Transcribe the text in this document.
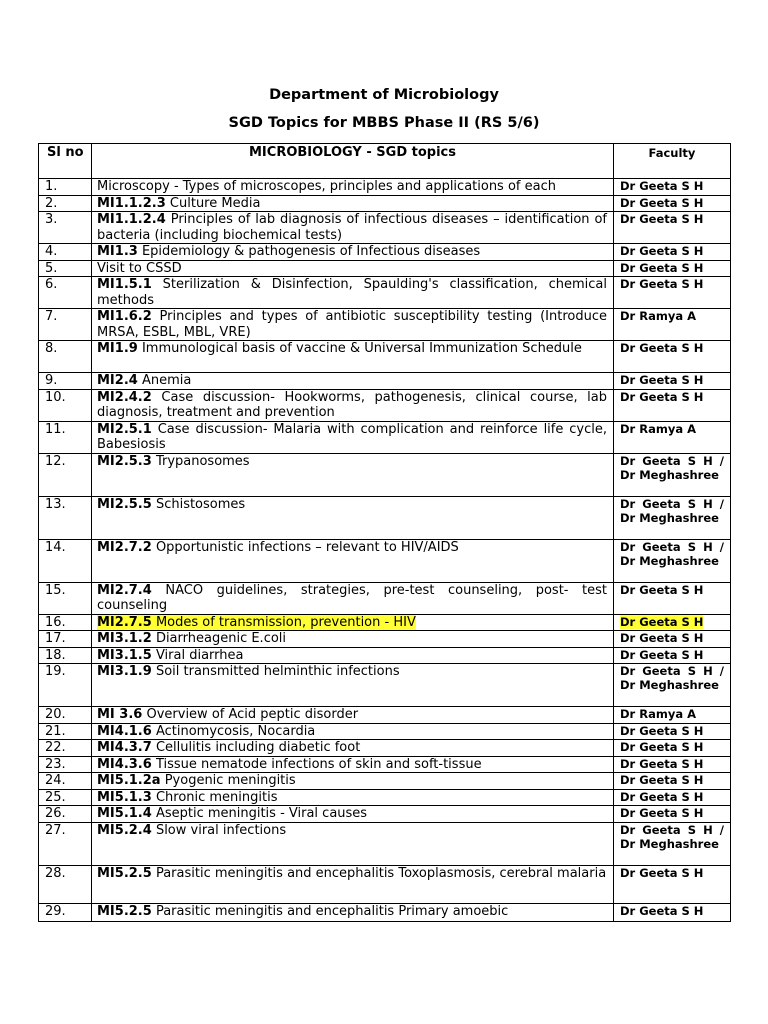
Department of Microbiology
SGD Topics for MBBS Phase II (RS 5/6)
Sl no	MICROBIOLOGY - SGD topics	Faculty
1.	Microscopy - Types of microscopes, principles and applications of each	Dr Geeta S H
2.	MI1.1.2.3 Culture Media	Dr Geeta S H
3.	MI1.1.2.4 Principles of lab diagnosis of infectious diseases – identification of bacteria (including biochemical tests)	Dr Geeta S H
4.	MI1.3 Epidemiology & pathogenesis of Infectious diseases	Dr Geeta S H
5.	Visit to CSSD	Dr Geeta S H
6.	MI1.5.1 Sterilization & Disinfection, Spaulding's classification, chemical methods	Dr Geeta S H
7.	MI1.6.2 Principles and types of antibiotic susceptibility testing (Introduce MRSA, ESBL, MBL, VRE)	Dr Ramya A
8.	MI1.9 Immunological basis of vaccine & Universal Immunization Schedule	Dr Geeta S H
9.	MI2.4 Anemia	Dr Geeta S H
10.	MI2.4.2 Case discussion- Hookworms, pathogenesis, clinical course, lab diagnosis, treatment and prevention	Dr Geeta S H
11.	MI2.5.1 Case discussion- Malaria with complication and reinforce life cycle, Babesiosis	Dr Ramya A
12.	MI2.5.3 Trypanosomes	Dr Geeta S H / Dr Meghashree
13.	MI2.5.5 Schistosomes	Dr Geeta S H / Dr Meghashree
14.	MI2.7.2 Opportunistic infections – relevant to HIV/AIDS	Dr Geeta S H / Dr Meghashree
15.	MI2.7.4 NACO guidelines, strategies, pre-test counseling, post- test counseling	Dr Geeta S H
16.	MI2.7.5 Modes of transmission, prevention - HIV	Dr Geeta S H
17.	MI3.1.2 Diarrheagenic E.coli	Dr Geeta S H
18.	MI3.1.5 Viral diarrhea	Dr Geeta S H
19.	MI3.1.9 Soil transmitted helminthic infections	Dr Geeta S H / Dr Meghashree
20.	MI 3.6 Overview of Acid peptic disorder	Dr Ramya A
21.	MI4.1.6 Actinomycosis, Nocardia	Dr Geeta S H
22.	MI4.3.7 Cellulitis including diabetic foot	Dr Geeta S H
23.	MI4.3.6 Tissue nematode infections of skin and soft-tissue	Dr Geeta S H
24.	MI5.1.2a Pyogenic meningitis	Dr Geeta S H
25.	MI5.1.3 Chronic meningitis	Dr Geeta S H
26.	MI5.1.4 Aseptic meningitis - Viral causes	Dr Geeta S H
27.	MI5.2.4 Slow viral infections	Dr Geeta S H / Dr Meghashree
28.	MI5.2.5 Parasitic meningitis and encephalitis Toxoplasmosis, cerebral malaria	Dr Geeta S H
29.	MI5.2.5 Parasitic meningitis and encephalitis Primary amoebic	Dr Geeta S H
